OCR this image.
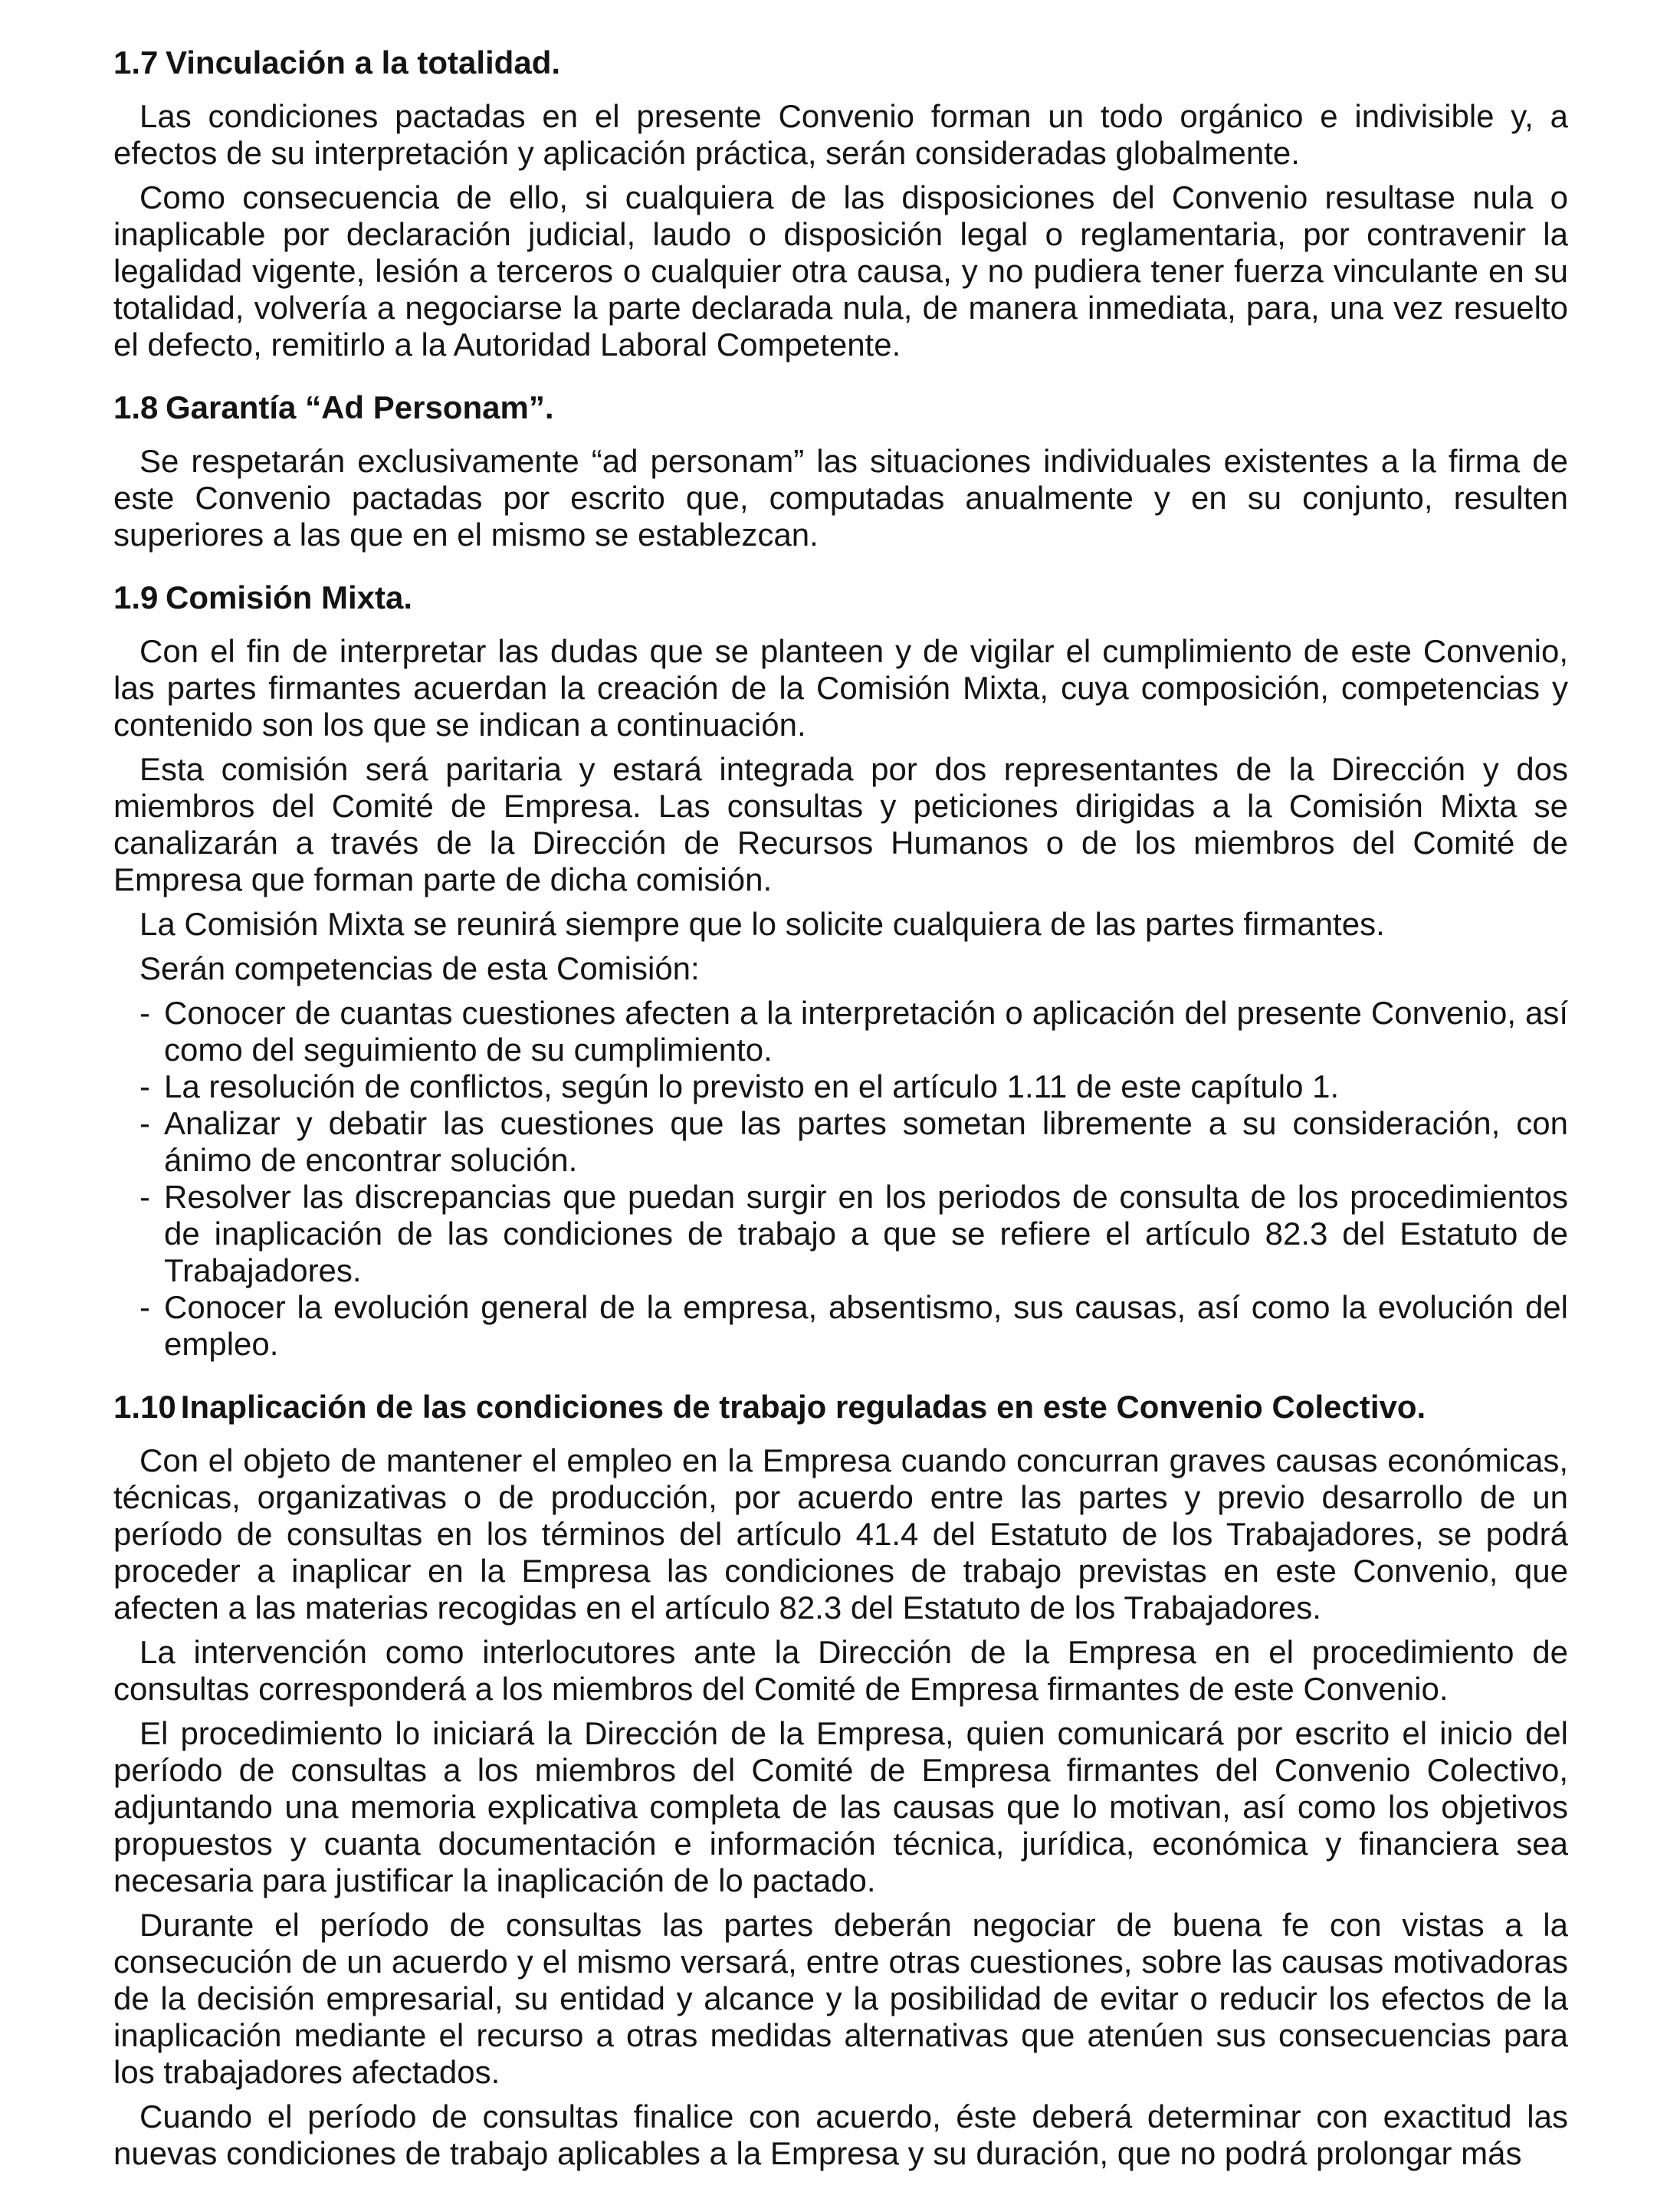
1.7 Vinculación a la totalidad.

Las condiciones pactadas en el presente Convenio forman un todo orgánico e indivisible y, a efectos de su interpretación y aplicación práctica, serán consideradas globalmente.

Como consecuencia de ello, si cualquiera de las disposiciones del Convenio resultase nula o inaplicable por declaración judicial, laudo o disposición legal o reglamentaria, por contravenir la legalidad vigente, lesión a terceros o cualquier otra causa, y no pudiera tener fuerza vinculante en su totalidad, volvería a negociarse la parte declarada nula, de manera inmediata, para, una vez resuelto el defecto, remitirlo a la Autoridad Laboral Competente.

1.8 Garantía “Ad Personam”.

Se respetarán exclusivamente “ad personam” las situaciones individuales existentes a la firma de este Convenio pactadas por escrito que, computadas anualmente y en su conjunto, resulten superiores a las que en el mismo se establezcan.

1.9 Comisión Mixta.

Con el fin de interpretar las dudas que se planteen y de vigilar el cumplimiento de este Convenio, las partes firmantes acuerdan la creación de la Comisión Mixta, cuya composición, competencias y contenido son los que se indican a continuación.

Esta comisión será paritaria y estará integrada por dos representantes de la Dirección y dos miembros del Comité de Empresa. Las consultas y peticiones dirigidas a la Comisión Mixta se canalizarán a través de la Dirección de Recursos Humanos o de los miembros del Comité de Empresa que forman parte de dicha comisión.

La Comisión Mixta se reunirá siempre que lo solicite cualquiera de las partes firmantes.

Serán competencias de esta Comisión:

- Conocer de cuantas cuestiones afecten a la interpretación o aplicación del presente Convenio, así como del seguimiento de su cumplimiento.
- La resolución de conflictos, según lo previsto en el artículo 1.11 de este capítulo 1.
- Analizar y debatir las cuestiones que las partes sometan libremente a su consideración, con ánimo de encontrar solución.
- Resolver las discrepancias que puedan surgir en los periodos de consulta de los procedimientos de inaplicación de las condiciones de trabajo a que se refiere el artículo 82.3 del Estatuto de Trabajadores.
- Conocer la evolución general de la empresa, absentismo, sus causas, así como la evolución del empleo.
1.10 Inaplicación de las condiciones de trabajo reguladas en este Convenio Colectivo.

Con el objeto de mantener el empleo en la Empresa cuando concurran graves causas económicas, técnicas, organizativas o de producción, por acuerdo entre las partes y previo desarrollo de un período de consultas en los términos del artículo 41.4 del Estatuto de los Trabajadores, se podrá proceder a inaplicar en la Empresa las condiciones de trabajo previstas en este Convenio, que afecten a las materias recogidas en el artículo 82.3 del Estatuto de los Trabajadores.

La intervención como interlocutores ante la Dirección de la Empresa en el procedimiento de consultas corresponderá a los miembros del Comité de Empresa firmantes de este Convenio.

El procedimiento lo iniciará la Dirección de la Empresa, quien comunicará por escrito el inicio del período de consultas a los miembros del Comité de Empresa firmantes del Convenio Colectivo, adjuntando una memoria explicativa completa de las causas que lo motivan, así como los objetivos propuestos y cuanta documentación e información técnica, jurídica, económica y financiera sea necesaria para justificar la inaplicación de lo pactado.

Durante el período de consultas las partes deberán negociar de buena fe con vistas a la consecución de un acuerdo y el mismo versará, entre otras cuestiones, sobre las causas motivadoras de la decisión empresarial, su entidad y alcance y la posibilidad de evitar o reducir los efectos de la inaplicación mediante el recurso a otras medidas alternativas que atenúen sus consecuencias para los trabajadores afectados.

Cuando el período de consultas finalice con acuerdo, éste deberá determinar con exactitud las nuevas condiciones de trabajo aplicables a la Empresa y su duración, que no podrá prolongar más
